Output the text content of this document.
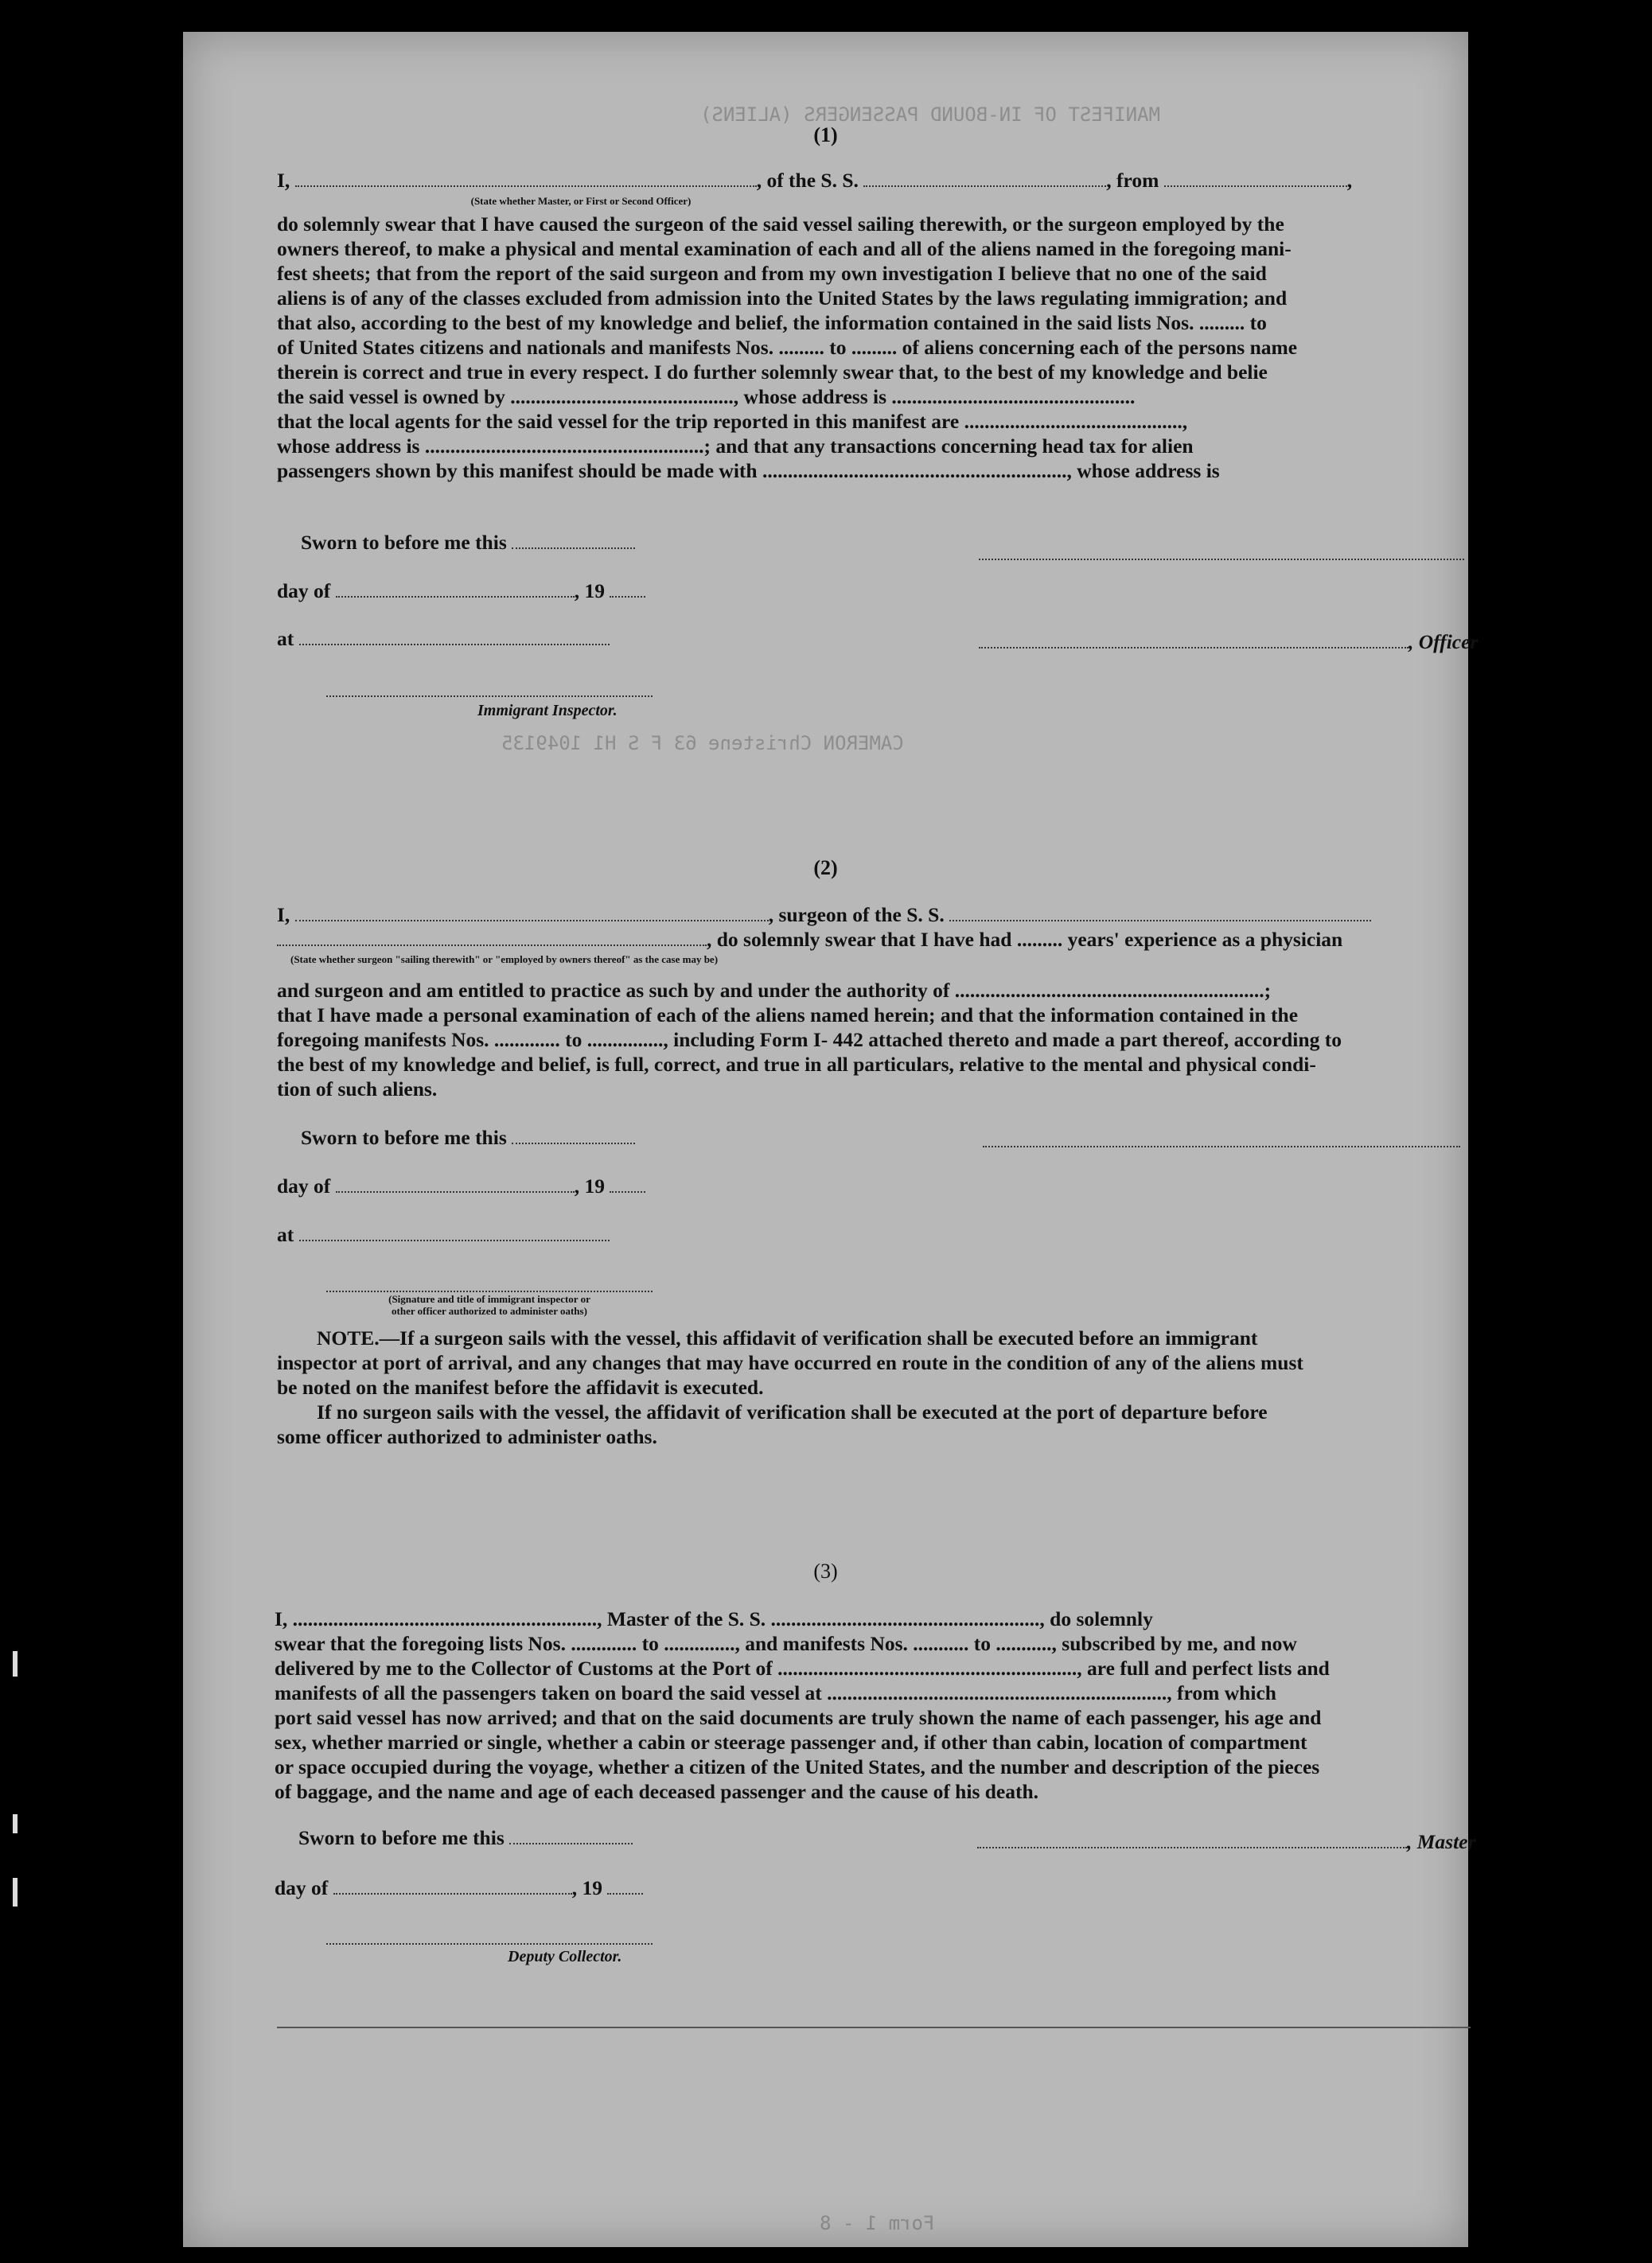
MANIFEST OF IN-BOUND PASSENGERS (ALIENS)
CAMERON Christene 63 F S H1 1049135
Form 1 - 8
(1)
I,	, of the S. S.	, from	,
(State whether Master, or First or Second Officer)
do solemnly swear that I have caused the surgeon of the said vessel sailing therewith, or the surgeon employed by the
owners thereof, to make a physical and mental examination of each and all of the aliens named in the foregoing mani-
fest sheets; that from the report of the said surgeon and from my own investigation I believe that no one of the said
aliens is of any of the classes excluded from admission into the United States by the laws regulating immigration; and
that also, according to the best of my knowledge and belief, the information contained in the said lists Nos. ......... to
of United States citizens and nationals and manifests Nos. ......... to ......... of aliens concerning each of the persons name
therein is correct and true in every respect. I do further solemnly swear that, to the best of my knowledge and belie
the said vessel is owned by ............................................, whose address is ................................................
that the local agents for the said vessel for the trip reported in this manifest are ...........................................,
whose address is .......................................................; and that any transactions concerning head tax for alien
passengers shown by this manifest should be made with ............................................................, whose address is
Sworn to before me this
day of	, 19
at	, Officer
Immigrant Inspector.
(2)
I,	, surgeon of the S. S.
, do solemnly swear that I have had ......... years' experience as a physician
(State whether surgeon "sailing therewith" or "employed by owners thereof" as the case may be)
and surgeon and am entitled to practice as such by and under the authority of .............................................................;
that I have made a personal examination of each of the aliens named herein; and that the information contained in the
foregoing manifests Nos. ............. to ..............., including Form I- 442 attached thereto and made a part thereof, according to
the best of my knowledge and belief, is full, correct, and true in all particulars, relative to the mental and physical condi-
tion of such aliens.
Sworn to before me this
day of	, 19
at
(Signature and title of immigrant inspector or
other officer authorized to administer oaths)
NOTE.—If a surgeon sails with the vessel, this affidavit of verification shall be executed before an immigrant
inspector at port of arrival, and any changes that may have occurred en route in the condition of any of the aliens must
be noted on the manifest before the affidavit is executed.
If no surgeon sails with the vessel, the affidavit of verification shall be executed at the port of departure before
some officer authorized to administer oaths.
(3)
I, ............................................................, Master of the S. S. ....................................................., do solemnly
swear that the foregoing lists Nos. ............. to .............., and manifests Nos. ........... to ..........., subscribed by me, and now
delivered by me to the Collector of Customs at the Port of ..........................................................., are full and perfect lists and
manifests of all the passengers taken on board the said vessel at ..................................................................., from which
port said vessel has now arrived; and that on the said documents are truly shown the name of each passenger, his age and
sex, whether married or single, whether a cabin or steerage passenger and, if other than cabin, location of compartment
or space occupied during the voyage, whether a citizen of the United States, and the number and description of the pieces
of baggage, and the name and age of each deceased passenger and the cause of his death.
Sworn to before me this	, Master
day of	, 19
Deputy Collector.
